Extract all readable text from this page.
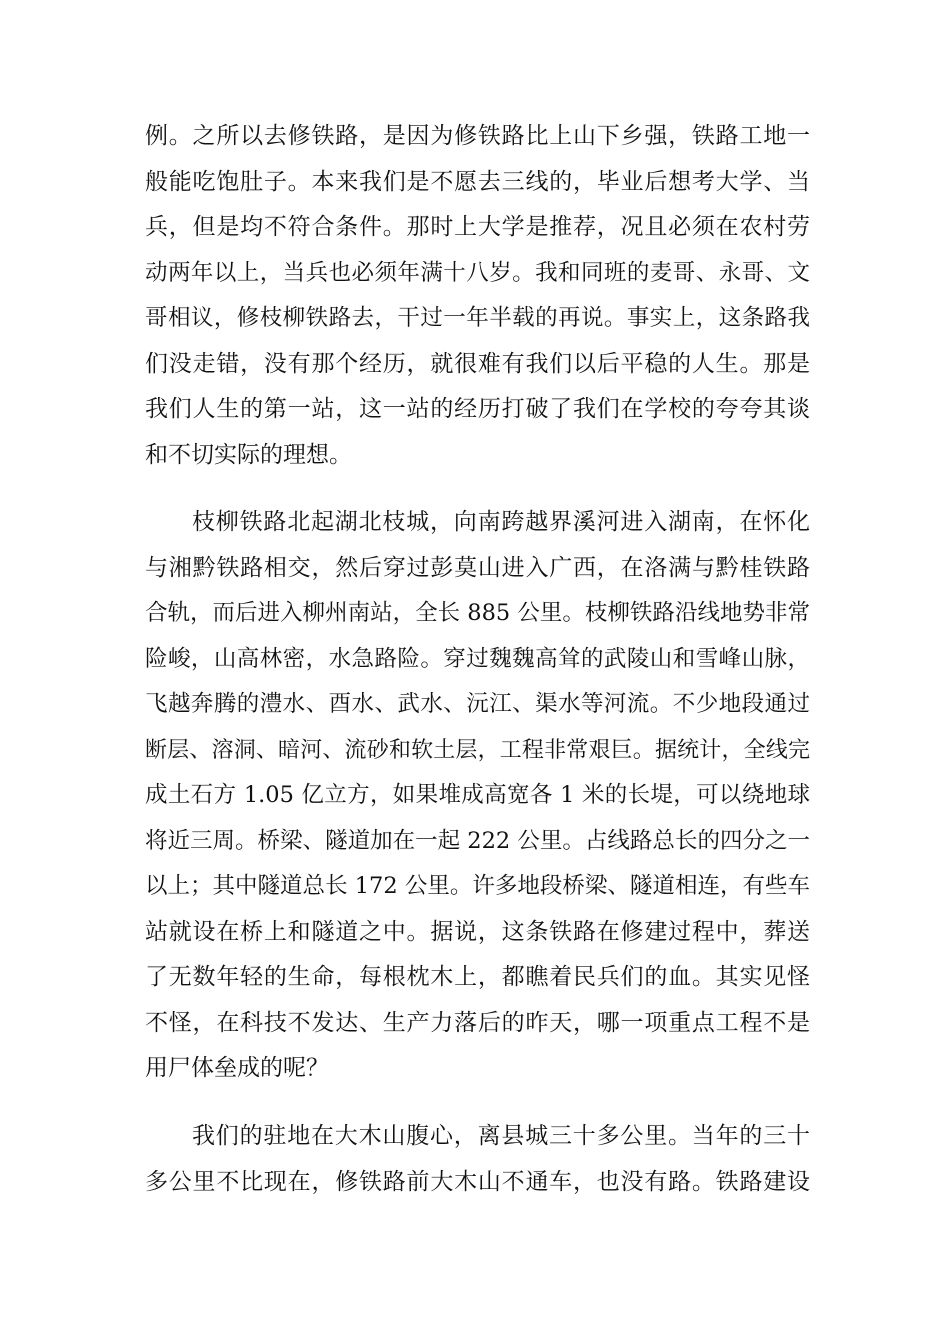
例。之所以去修铁路，是因为修铁路比上山下乡强，铁路工地一
般能吃饱肚子。本来我们是不愿去三线的，毕业后想考大学、当
兵，但是均不符合条件。那时上大学是推荐，况且必须在农村劳
动两年以上，当兵也必须年满十八岁。我和同班的麦哥、永哥、文
哥相议，修枝柳铁路去，干过一年半载的再说。事实上，这条路我
们没走错，没有那个经历，就很难有我们以后平稳的人生。那是
我们人生的第一站，这一站的经历打破了我们在学校的夸夸其谈
和不切实际的理想。
枝柳铁路北起湖北枝城，向南跨越界溪河进入湖南，在怀化
与湘黔铁路相交，然后穿过彭莫山进入广西，在洛满与黔桂铁路
合轨，而后进入柳州南站，全长 885 公里。枝柳铁路沿线地势非常
险峻，山高林密，水急路险。穿过魏魏高耸的武陵山和雪峰山脉，
飞越奔腾的澧水、酉水、武水、沅江、渠水等河流。不少地段通过
断层、溶洞、暗河、流砂和软土层，工程非常艰巨。据统计，全线完
成土石方 1.05 亿立方，如果堆成高宽各 1 米的长堤，可以绕地球
将近三周。桥梁、隧道加在一起 222 公里。占线路总长的四分之一
以上；其中隧道总长 172 公里。许多地段桥梁、隧道相连，有些车
站就设在桥上和隧道之中。据说，这条铁路在修建过程中，葬送
了无数年轻的生命，每根枕木上，都瞧着民兵们的血。其实见怪
不怪，在科技不发达、生产力落后的昨天，哪一项重点工程不是
用尸体垒成的呢？
我们的驻地在大木山腹心，离县城三十多公里。当年的三十
多公里不比现在，修铁路前大木山不通车，也没有路。铁路建设
